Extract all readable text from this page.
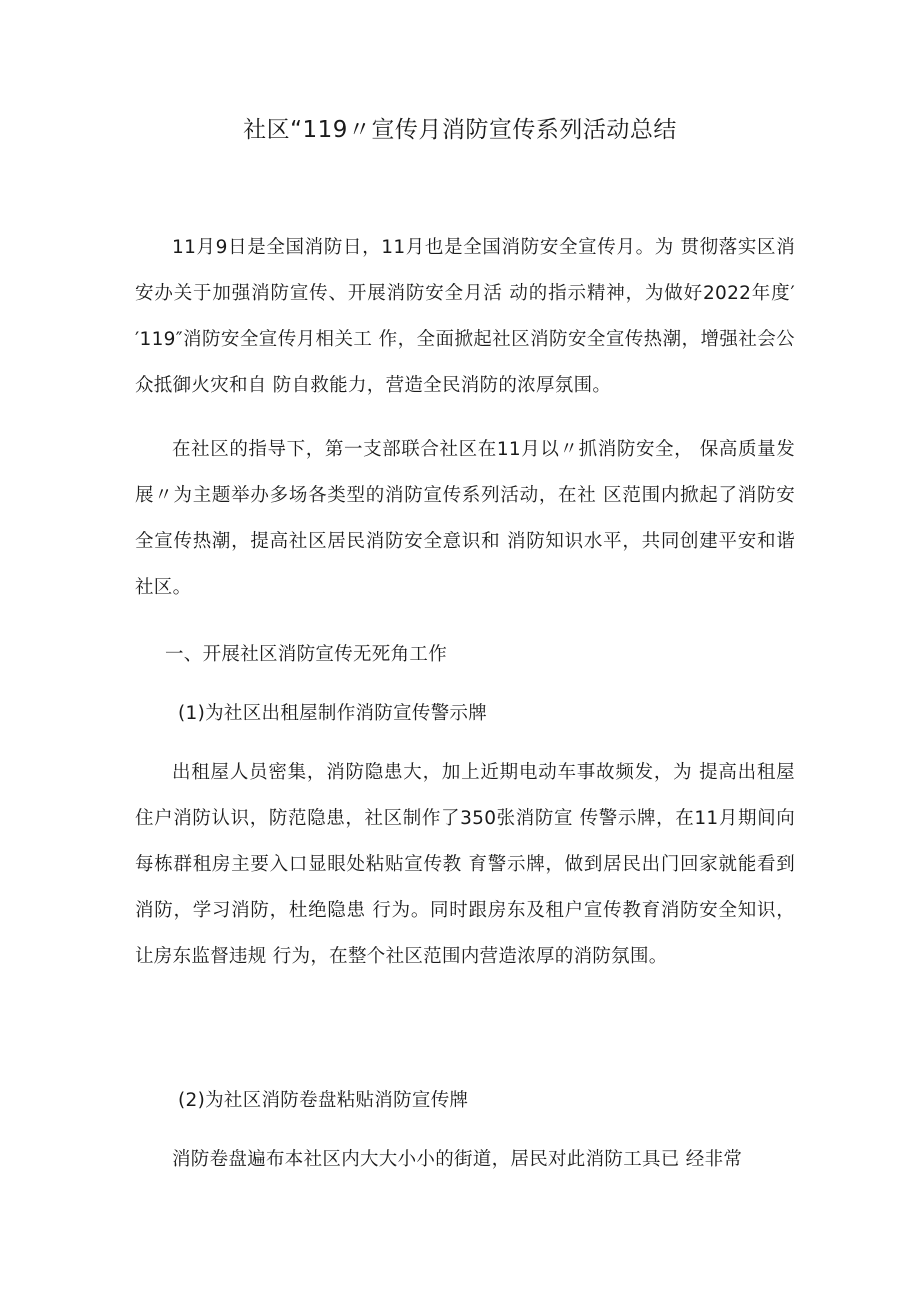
社区“119〃宣传月消防宣传系列活动总结

11月9日是全国消防日，11月也是全国消防安全宣传月。为 贯彻落实区消安办关于加强消防宣传、开展消防安全月活 动的指示精神，为做好2022年度′′119″消防安全宣传月相关工 作，全面掀起社区消防安全宣传热潮，增强社会公众抵御火灾和自 防自救能力，营造全民消防的浓厚氛围。

在社区的指导下，第一支部联合社区在11月以〃抓消防安全， 保高质量发展〃为主题举办多场各类型的消防宣传系列活动，在社 区范围内掀起了消防安全宣传热潮，提高社区居民消防安全意识和 消防知识水平，共同创建平安和谐社区。

一、开展社区消防宣传无死角工作
(1)为社区出租屋制作消防宣传警示牌

出租屋人员密集，消防隐患大，加上近期电动车事故频发，为 提高出租屋住户消防认识，防范隐患，社区制作了350张消防宣 传警示牌，在11月期间向每栋群租房主要入口显眼处粘贴宣传教 育警示牌，做到居民出门回家就能看到消防，学习消防，杜绝隐患 行为。同时跟房东及租户宣传教育消防安全知识，让房东监督违规 行为，在整个社区范围内营造浓厚的消防氛围。

(2)为社区消防卷盘粘贴消防宣传牌

消防卷盘遍布本社区内大大小小的街道，居民对此消防工具已 经非常
